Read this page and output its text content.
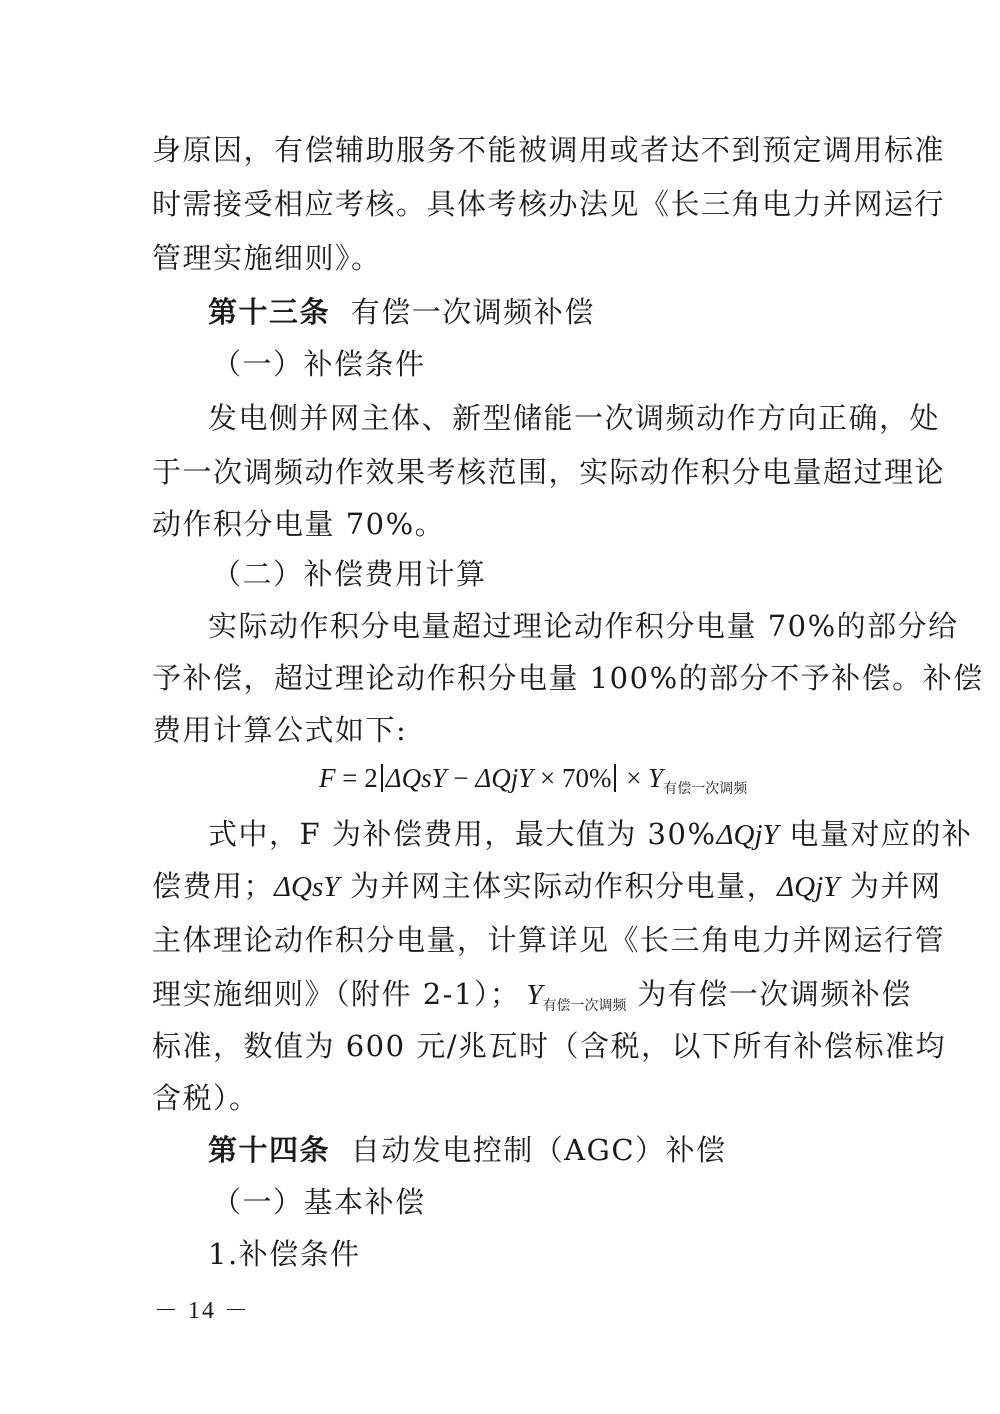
身原因，有偿辅助服务不能被调用或者达不到预定调用标准
时需接受相应考核。具体考核办法见《长三角电力并网运行
管理实施细则》。
第十三条 有偿一次调频补偿
（一）补偿条件
发电侧并网主体、新型储能一次调频动作方向正确，处
于一次调频动作效果考核范围，实际动作积分电量超过理论
动作积分电量 70%。
（二）补偿费用计算
实际动作积分电量超过理论动作积分电量 70%的部分给
予补偿，超过理论动作积分电量 100%的部分不予补偿。补偿
费用计算公式如下:
F = 2 $\Delta QsY - \Delta QjY \times 70\% \times Y_{有偿一次调频}$
式中，F 为补偿费用，最大值为 30%ΔQjY 电量对应的补
偿费用；ΔQsY 为并网主体实际动作积分电量，ΔQjY 为并网
主体理论动作积分电量，计算详见《长三角电力并网运行管
理实施细则》（附件 2-1）； $Y_{有偿一次调频}$ 为有偿一次调频补偿
标准，数值为 600 元/兆瓦时（含税，以下所有补偿标准均
含税）。
第十四条 自动发电控制（AGC）补偿
（一）基本补偿
1.补偿条件
－ 14 －
